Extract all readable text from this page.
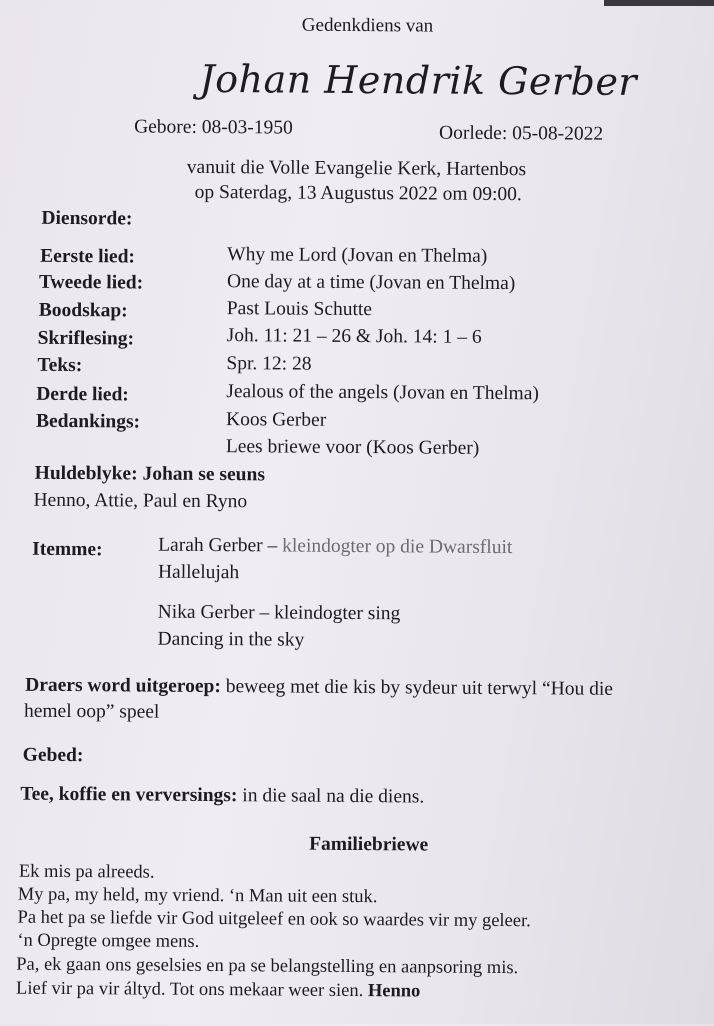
Gedenkdiens van
Johan Hendrik Gerber
Gebore: 08-03-1950	Oorlede: 05-08-2022
vanuit die Volle Evangelie Kerk, Hartenbos
op Saterdag, 13 Augustus 2022 om 09:00.
Diensorde:
Eerste lied:	Why me Lord (Jovan en Thelma)
Tweede lied:	One day at a time (Jovan en Thelma)
Boodskap:	Past Louis Schutte
Skriflesing:	Joh. 11: 21 – 26 & Joh. 14: 1 – 6
Teks:	Spr. 12: 28
Derde lied:	Jealous of the angels (Jovan en Thelma)
Bedankings:	Koos Gerber
Lees briewe voor (Koos Gerber)
Huldeblyke: Johan se seuns
Henno, Attie, Paul en Ryno
Itemme:	Larah Gerber – kleindogter op die Dwarsfluit
Hallelujah
Nika Gerber – kleindogter sing
Dancing in the sky
Draers word uitgeroep: beweeg met die kis by sydeur uit terwyl “Hou die
hemel oop” speel
Gebed:
Tee, koffie en verversings: in die saal na die diens.
Familiebriewe
Ek mis pa alreeds.
My pa, my held, my vriend. ‘n Man uit een stuk.
Pa het pa se liefde vir God uitgeleef en ook so waardes vir my geleer.
‘n Opregte omgee mens.
Pa, ek gaan ons geselsies en pa se belangstelling en aanpsoring mis.
Lief vir pa vir áltyd. Tot ons mekaar weer sien. Henno
